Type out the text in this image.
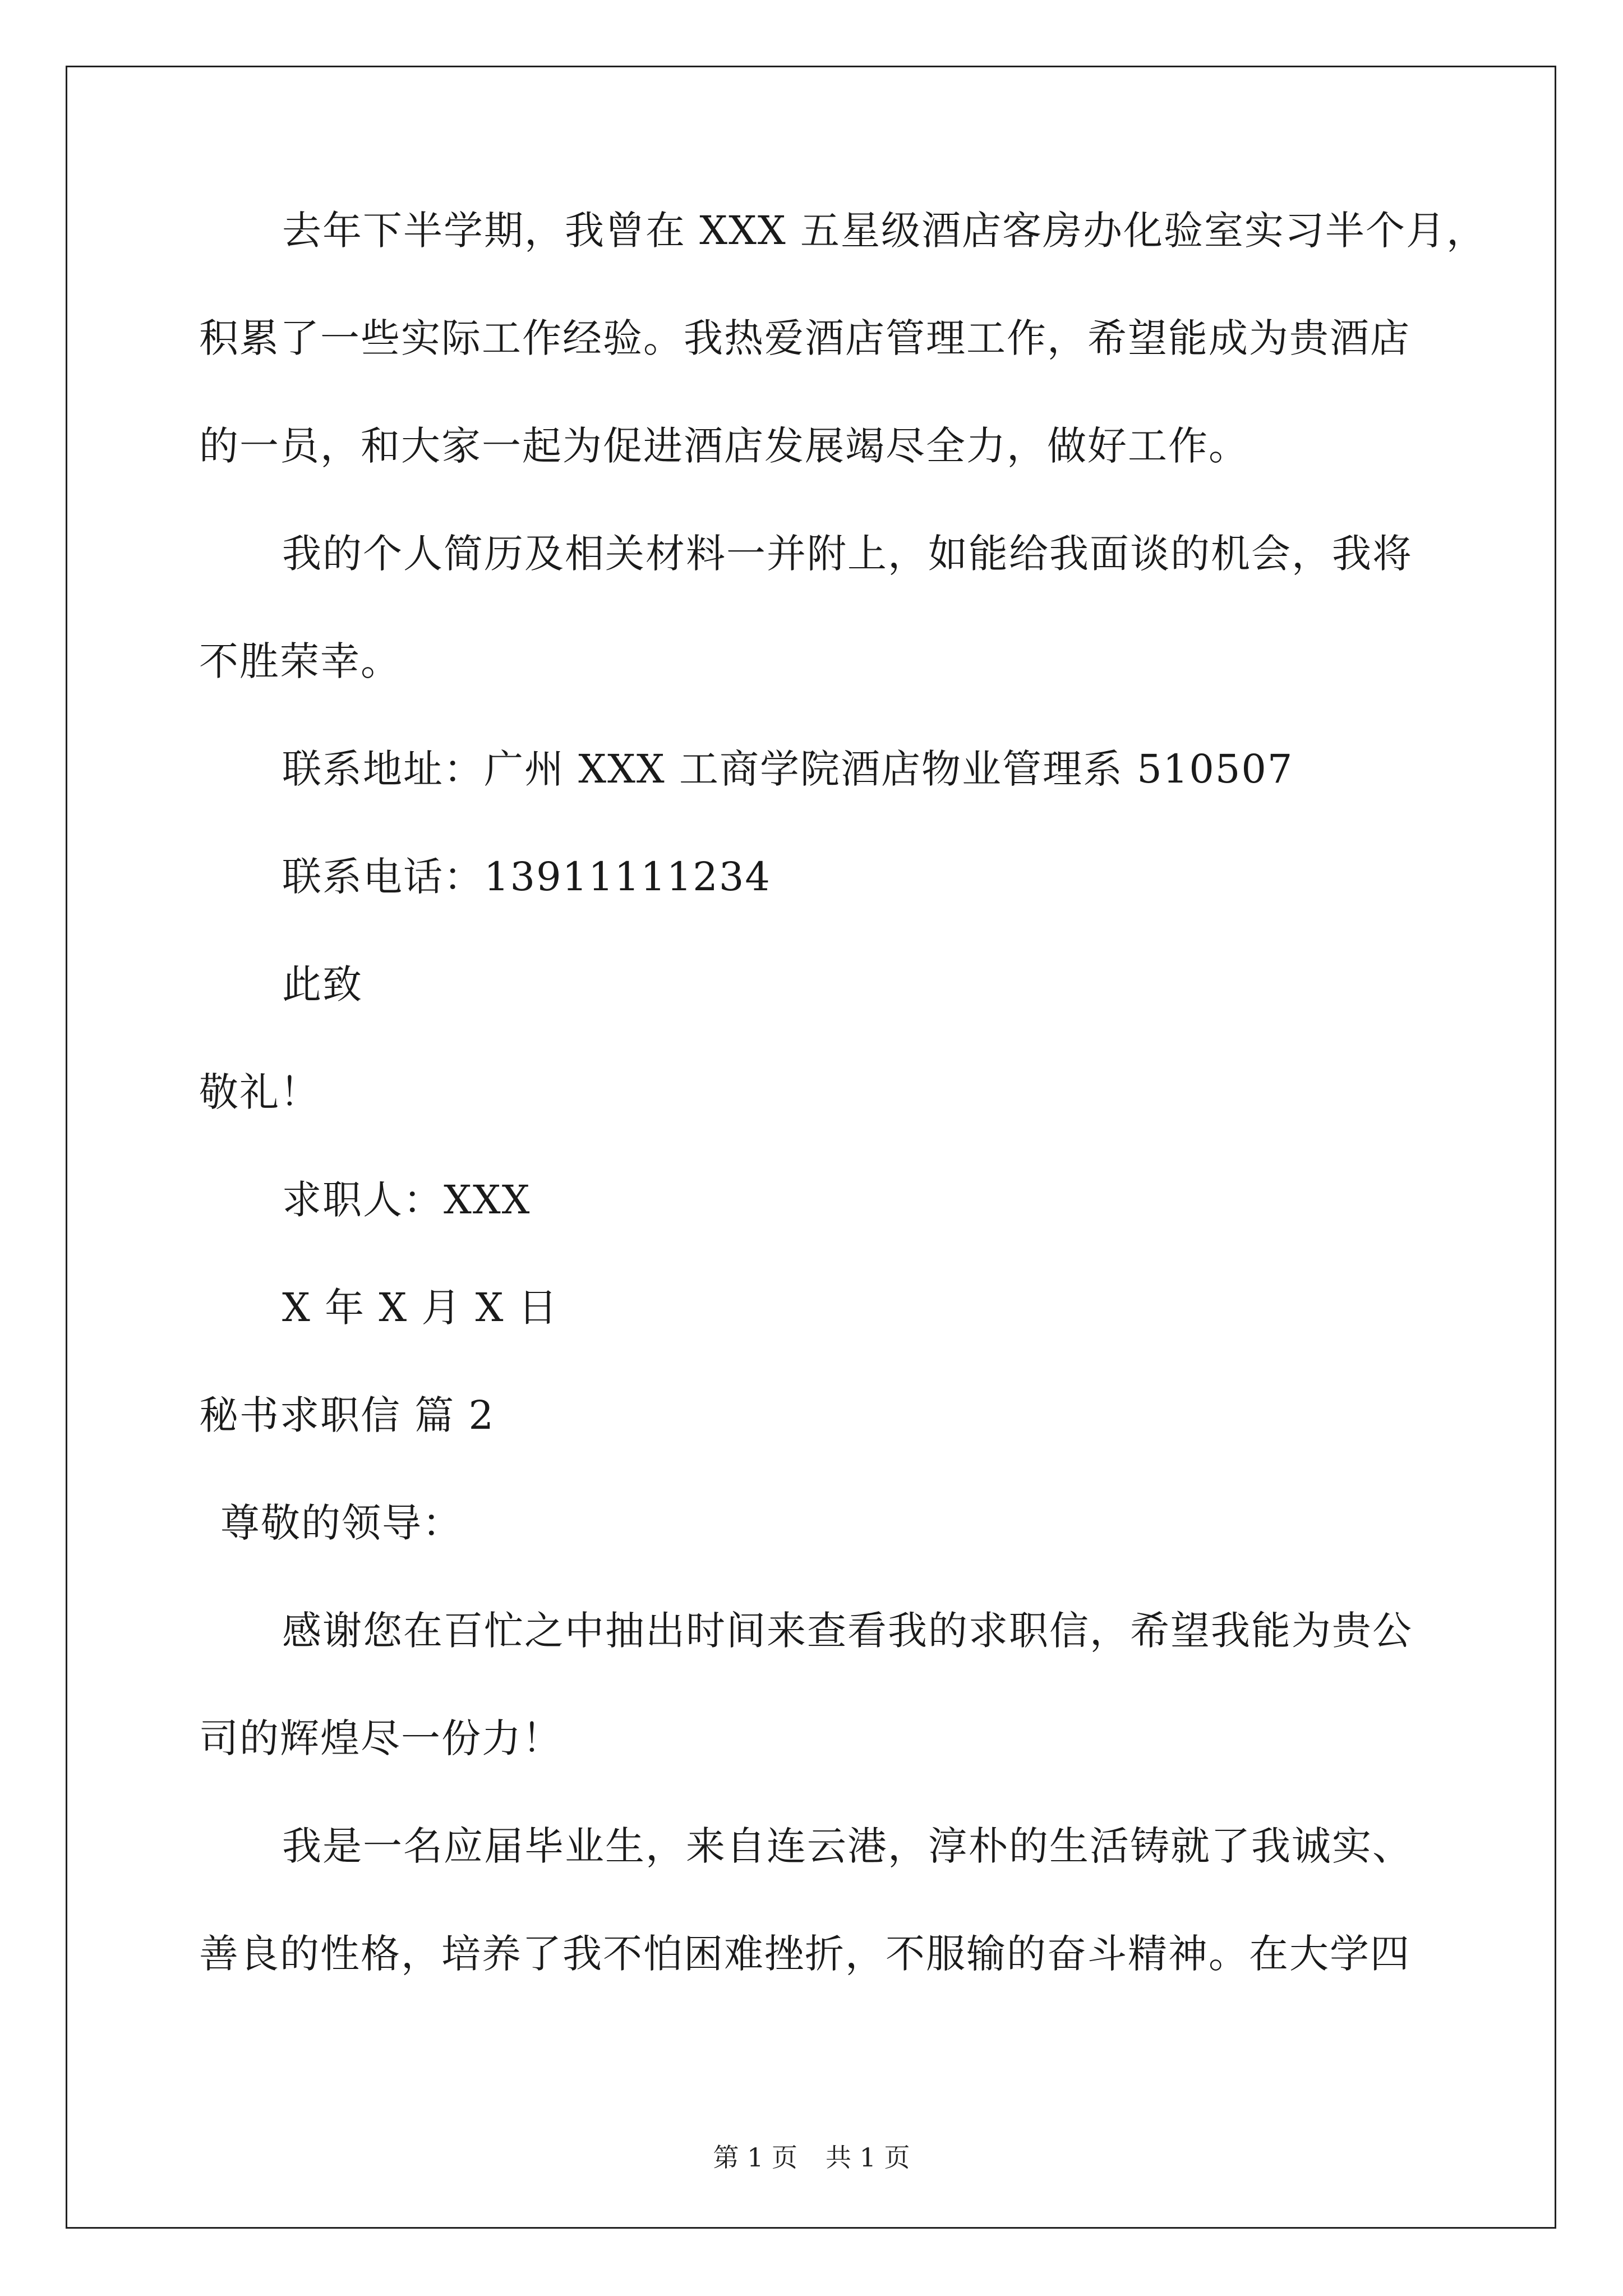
去年下半学期，我曾在 XXX 五星级酒店客房办化验室实习半个月，
积累了一些实际工作经验。我热爱酒店管理工作，希望能成为贵酒店
的一员，和大家一起为促进酒店发展竭尽全力，做好工作。
我的个人简历及相关材料一并附上，如能给我面谈的机会，我将
不胜荣幸。
联系地址：广州 XXX 工商学院酒店物业管理系 510507
联系电话：13911111234
此致
敬礼！
求职人：XXX
X 年 X 月 X 日
秘书求职信 篇 2
尊敬的领导：
感谢您在百忙之中抽出时间来查看我的求职信，希望我能为贵公
司的辉煌尽一份力！
我是一名应届毕业生，来自连云港，淳朴的生活铸就了我诚实、
善良的性格，培养了我不怕困难挫折，不服输的奋斗精神。在大学四
第 1 页 共 1 页
